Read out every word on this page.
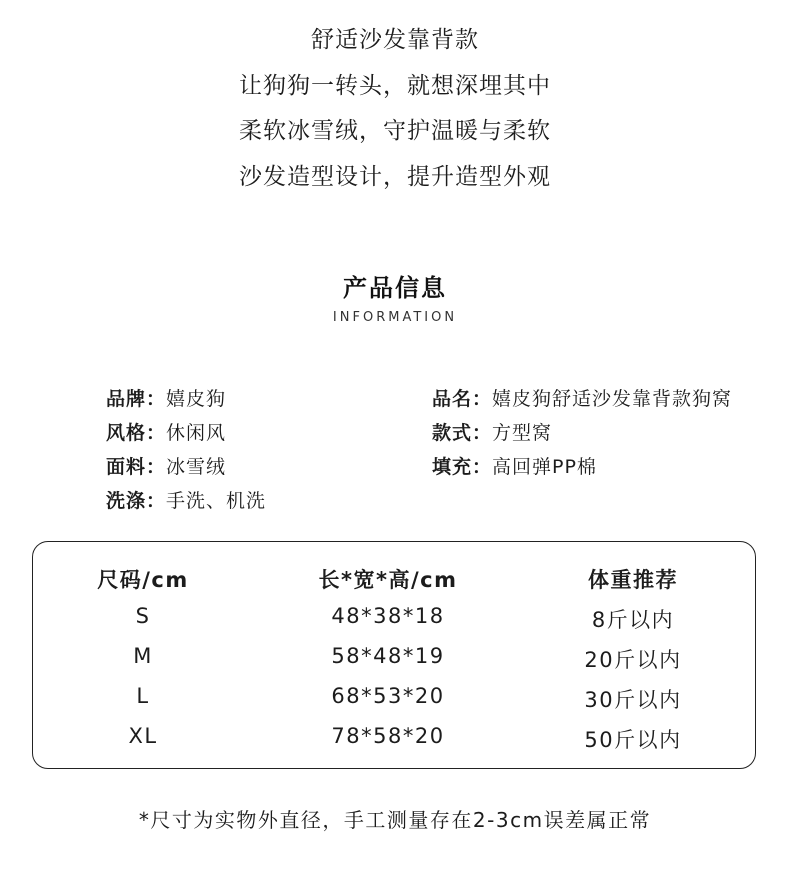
舒适沙发靠背款
让狗狗一转头，就想深埋其中
柔软冰雪绒，守护温暖与柔软
沙发造型设计，提升造型外观
产品信息
INFORMATION
品牌：嬉皮狗
风格：休闲风
面料：冰雪绒
洗涤：手洗、机洗
品名：嬉皮狗舒适沙发靠背款狗窝
款式：方型窝
填充：高回弹PP棉
尺码/cm	长*宽*高/cm	体重推荐
S	48*38*18	8斤以内
M	58*48*19	20斤以内
L	68*53*20	30斤以内
XL	78*58*20	50斤以内
*尺寸为实物外直径，手工测量存在2-3cm误差属正常
